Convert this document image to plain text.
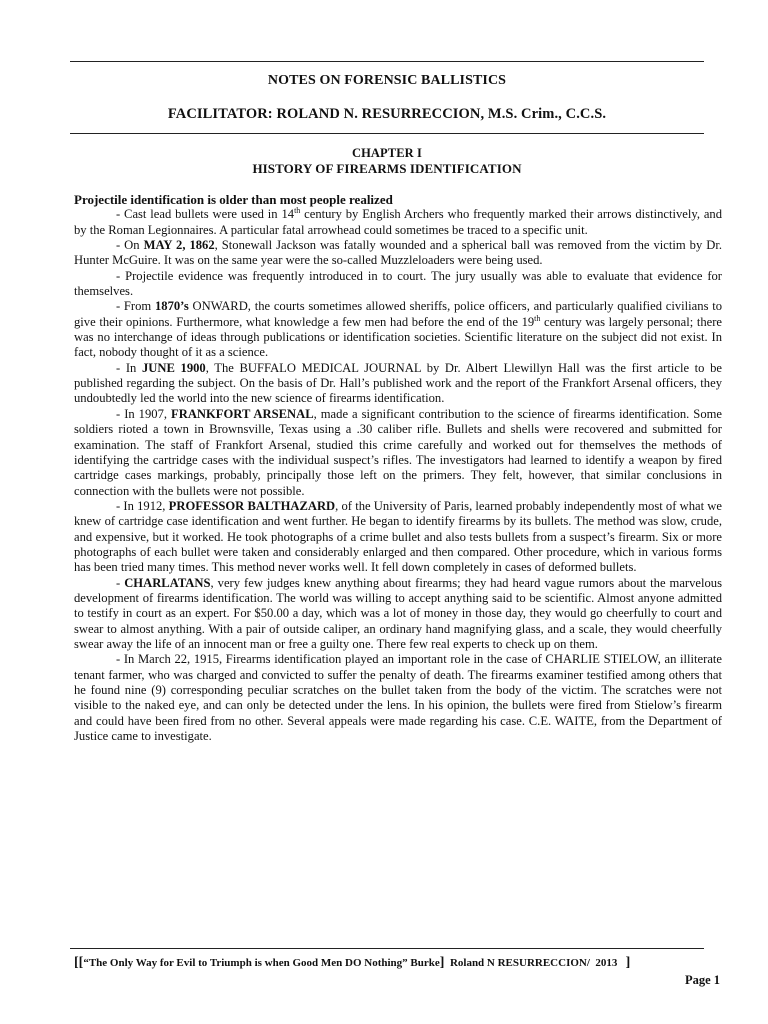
NOTES ON FORENSIC BALLISTICS
FACILITATOR: ROLAND N. RESURRECCION, M.S. Crim., C.C.S.
CHAPTER I
HISTORY OF FIREARMS IDENTIFICATION

Projectile identification is older than most people realized

- Cast lead bullets were used in 14th century by English Archers who frequently marked their arrows distinctively, and by the Roman Legionnaires. A particular fatal arrowhead could sometimes be traced to a specific unit.

- On MAY 2, 1862, Stonewall Jackson was fatally wounded and a spherical ball was removed from the victim by Dr. Hunter McGuire. It was on the same year were the so-called Muzzleloaders were being used.

- Projectile evidence was frequently introduced in to court. The jury usually was able to evaluate that evidence for themselves.

- From 1870’s ONWARD, the courts sometimes allowed sheriffs, police officers, and particularly qualified civilians to give their opinions. Furthermore, what knowledge a few men had before the end of the 19th century was largely personal; there was no interchange of ideas through publications or identification societies. Scientific literature on the subject did not exist. In fact, nobody thought of it as a science.

- In JUNE 1900, The BUFFALO MEDICAL JOURNAL by Dr. Albert Llewillyn Hall was the first article to be published regarding the subject. On the basis of Dr. Hall’s published work and the report of the Frankfort Arsenal officers, they undoubtedly led the world into the new science of firearms identification.

- In 1907, FRANKFORT ARSENAL, made a significant contribution to the science of firearms identification. Some soldiers rioted a town in Brownsville, Texas using a .30 caliber rifle. Bullets and shells were recovered and submitted for examination. The staff of Frankfort Arsenal, studied this crime carefully and worked out for themselves the methods of identifying the cartridge cases with the individual suspect’s rifles. The investigators had learned to identify a weapon by fired cartridge cases markings, probably, principally those left on the primers. They felt, however, that similar conclusions in connection with the bullets were not possible.

- In 1912, PROFESSOR BALTHAZARD, of the University of Paris, learned probably independently most of what we knew of cartridge case identification and went further. He began to identify firearms by its bullets. The method was slow, crude, and expensive, but it worked. He took photographs of a crime bullet and also tests bullets from a suspect’s firearm. Six or more photographs of each bullet were taken and considerably enlarged and then compared. Other procedure, which in various forms has been tried many times. This method never works well. It fell down completely in cases of deformed bullets.

- CHARLATANS, very few judges knew anything about firearms; they had heard vague rumors about the marvelous development of firearms identification. The world was willing to accept anything said to be scientific. Almost anyone admitted to testify in court as an expert. For $50.00 a day, which was a lot of money in those day, they would go cheerfully to court and swear to almost anything. With a pair of outside caliper, an ordinary hand magnifying glass, and a scale, they would cheerfully swear away the life of an innocent man or free a guilty one. There few real experts to check up on them.

- In March 22, 1915, Firearms identification played an important role in the case of CHARLIE STIELOW, an illiterate tenant farmer, who was charged and convicted to suffer the penalty of death. The firearms examiner testified among others that he found nine (9) corresponding peculiar scratches on the bullet taken from the body of the victim. The scratches were not visible to the naked eye, and can only be detected under the lens. In his opinion, the bullets were fired from Stielow’s firearm and could have been fired from no other. Several appeals were made regarding his case. C.E. WAITE, from the Department of Justice came to investigate.

[[“The Only Way for Evil to Triumph is when Good Men DO Nothing” Burke] Roland N RESURRECCION/ 2013 ]
Page 1
